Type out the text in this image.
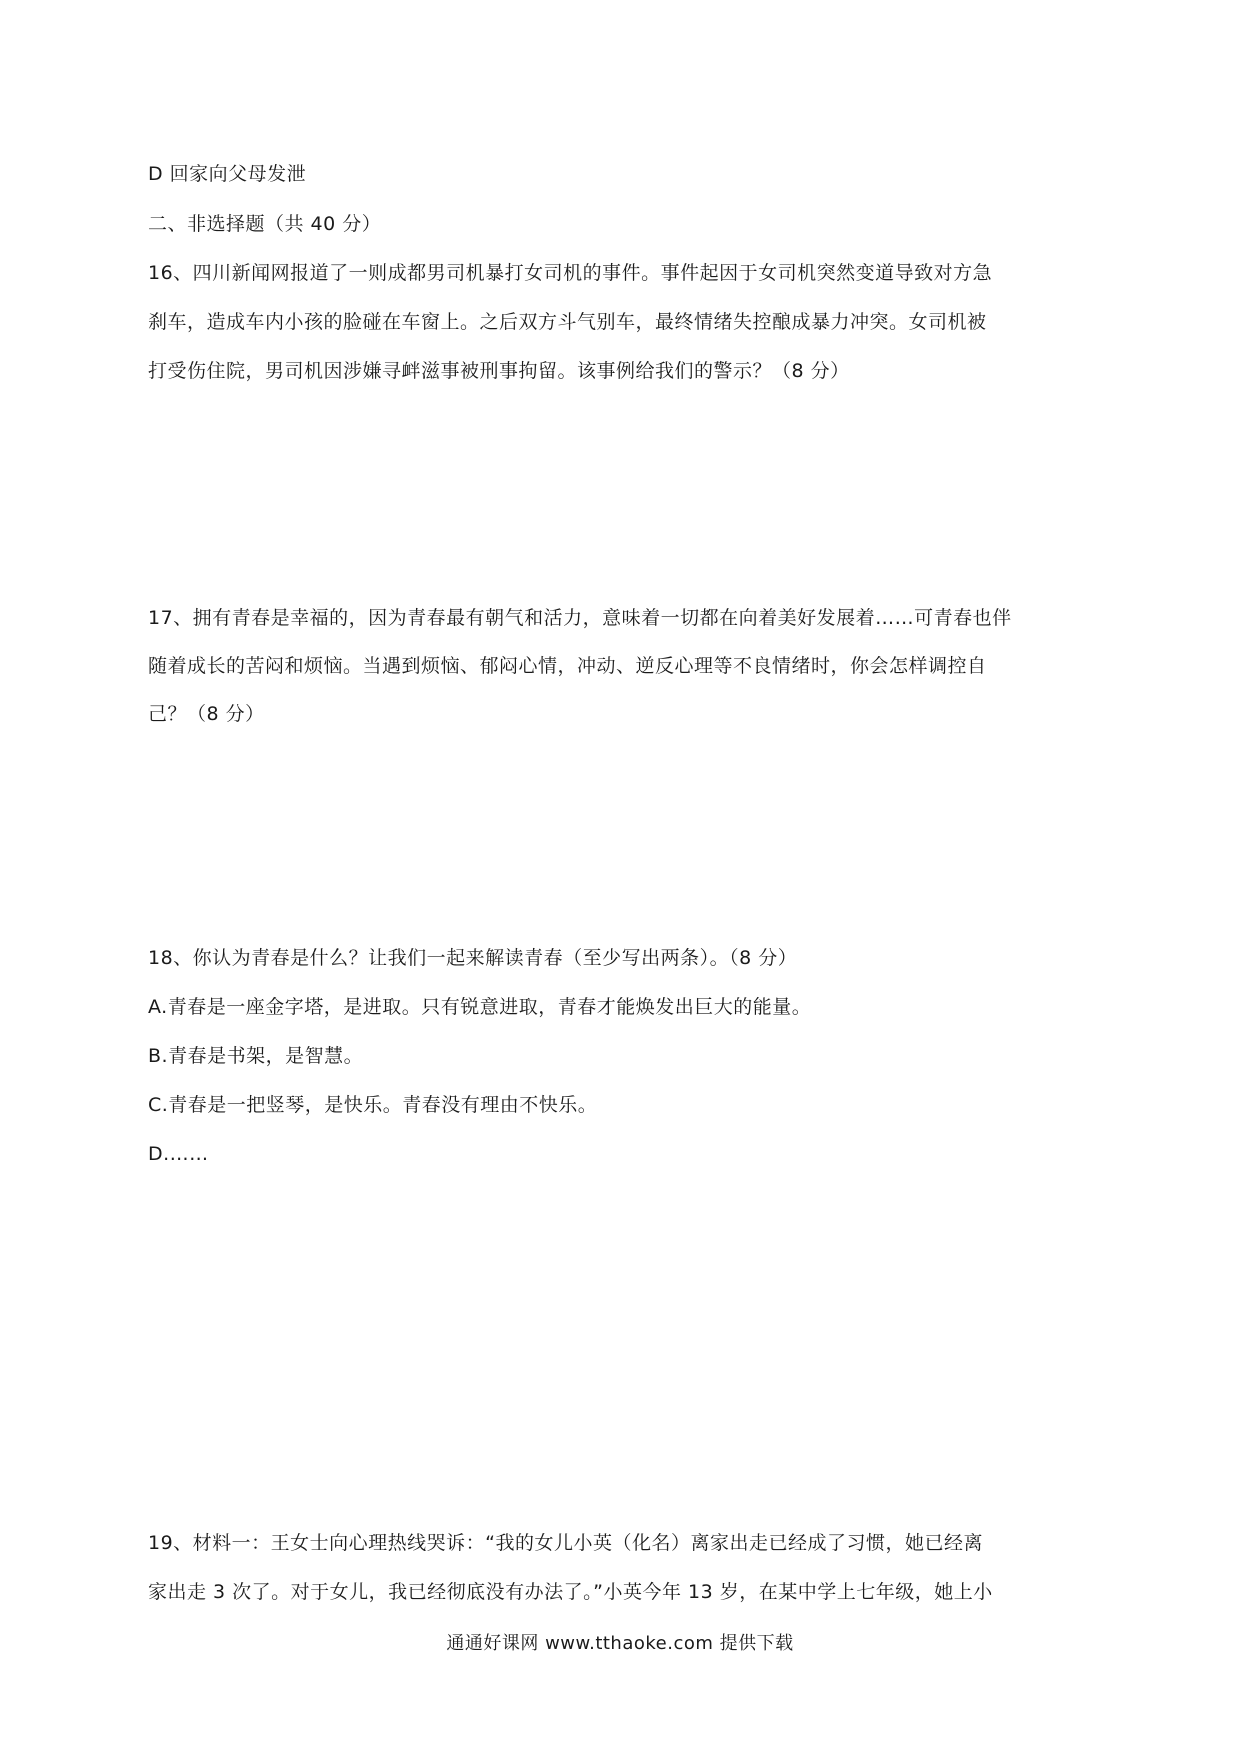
D 回家向父母发泄
二、非选择题（共 40 分）
16、四川新闻网报道了一则成都男司机暴打女司机的事件。事件起因于女司机突然变道导致对方急
刹车，造成车内小孩的脸碰在车窗上。之后双方斗气别车，最终情绪失控酿成暴力冲突。女司机被
打受伤住院，男司机因涉嫌寻衅滋事被刑事拘留。该事例给我们的警示？（8 分）
17、拥有青春是幸福的，因为青春最有朝气和活力，意味着一切都在向着美好发展着……可青春也伴
随着成长的苦闷和烦恼。当遇到烦恼、郁闷心情，冲动、逆反心理等不良情绪时，你会怎样调控自
己？（8 分）
18、你认为青春是什么？让我们一起来解读青春（至少写出两条）。（8 分）
A.青春是一座金字塔，是进取。只有锐意进取，青春才能焕发出巨大的能量。
B.青春是书架，是智慧。
C.青春是一把竖琴，是快乐。青春没有理由不快乐。
D.……
19、材料一：王女士向心理热线哭诉：“我的女儿小英（化名）离家出走已经成了习惯，她已经离
家出走 3 次了。对于女儿，我已经彻底没有办法了。”小英今年 13 岁，在某中学上七年级，她上小
通通好课网 www.tthaoke.com 提供下载
